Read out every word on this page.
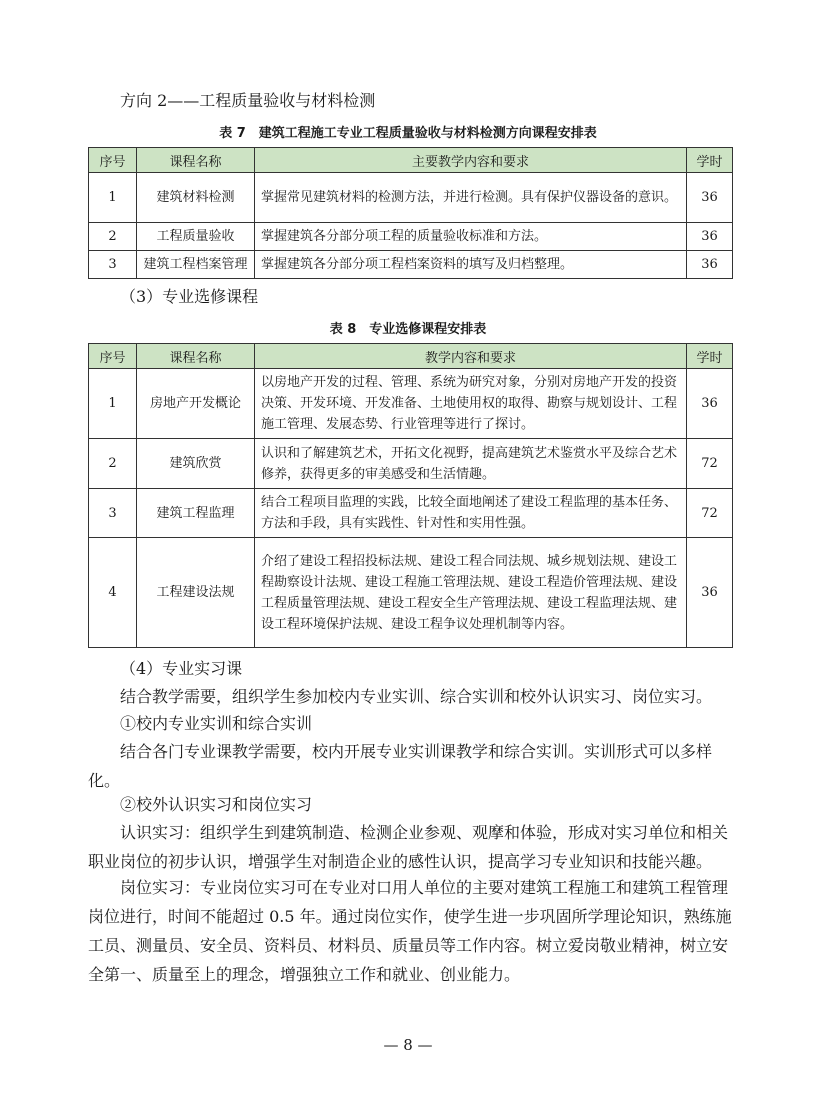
方向 2——工程质量验收与材料检测
表 7　建筑工程施工专业工程质量验收与材料检测方向课程安排表
序号	课程名称	主要教学内容和要求	学时
1	建筑材料检测	掌握常见建筑材料的检测方法，并进行检测。具有保护仪器设备的意识。	36
2	工程质量验收	掌握建筑各分部分项工程的质量验收标准和方法。	36
3	建筑工程档案管理	掌握建筑各分部分项工程档案资料的填写及归档整理。	36
（3）专业选修课程
表 8　专业选修课程安排表
序号	课程名称	教学内容和要求	学时
1	房地产开发概论	以房地产开发的过程、管理、系统为研究对象，分别对房地产开发的投资决策、开发环境、开发准备、土地使用权的取得、勘察与规划设计、工程施工管理、发展态势、行业管理等进行了探讨。	36
2	建筑欣赏	认识和了解建筑艺术，开拓文化视野，提高建筑艺术鉴赏水平及综合艺术修养，获得更多的审美感受和生活情趣。	72
3	建筑工程监理	结合工程项目监理的实践，比较全面地阐述了建设工程监理的基本任务、方法和手段，具有实践性、针对性和实用性强。	72
4	工程建设法规	介绍了建设工程招投标法规、建设工程合同法规、城乡规划法规、建设工程勘察设计法规、建设工程施工管理法规、建设工程造价管理法规、建设工程质量管理法规、建设工程安全生产管理法规、建设工程监理法规、建设工程环境保护法规、建设工程争议处理机制等内容。	36
（4）专业实习课
结合教学需要，组织学生参加校内专业实训、综合实训和校外认识实习、岗位实习。
①校内专业实训和综合实训
结合各门专业课教学需要，校内开展专业实训课教学和综合实训。实训形式可以多样化。
②校外认识实习和岗位实习
认识实习：组织学生到建筑制造、检测企业参观、观摩和体验，形成对实习单位和相关职业岗位的初步认识，增强学生对制造企业的感性认识，提高学习专业知识和技能兴趣。
岗位实习：专业岗位实习可在专业对口用人单位的主要对建筑工程施工和建筑工程管理岗位进行，时间不能超过 0.5 年。通过岗位实作，使学生进一步巩固所学理论知识，熟练施工员、测量员、安全员、资料员、材料员、质量员等工作内容。树立爱岗敬业精神，树立安全第一、质量至上的理念，增强独立工作和就业、创业能力。
— 8 —
